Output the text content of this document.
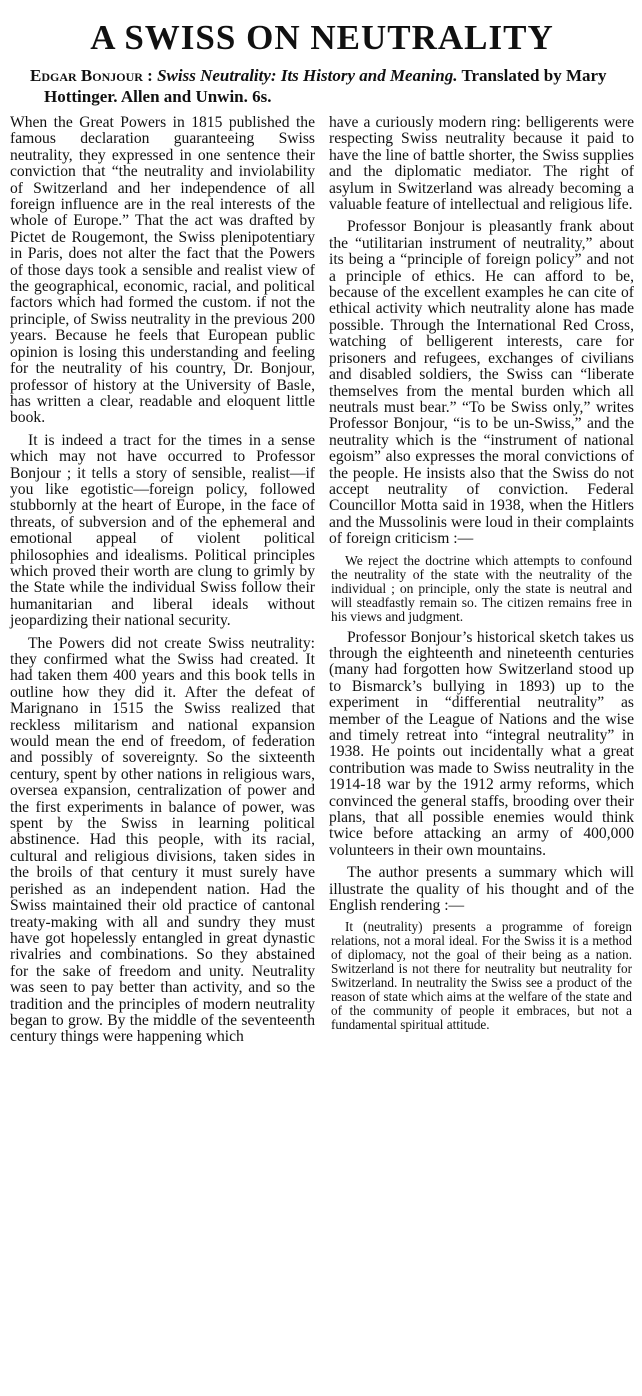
A SWISS ON NEUTRALITY
Edgar Bonjour : Swiss Neutrality: Its History and Meaning. Translated by Mary Hottinger. Allen and Unwin. 6s.

When the Great Powers in 1815 published the famous declaration guaranteeing Swiss neutrality, they expressed in one sentence their conviction that “the neutrality and inviolability of Switzerland and her independence of all foreign influence are in the real interests of the whole of Europe.” That the act was drafted by Pictet de Rougemont, the Swiss plenipotentiary in Paris, does not alter the fact that the Powers of those days took a sensible and realist view of the geographical, economic, racial, and political factors which had formed the custom. if not the principle, of Swiss neutrality in the previous 200 years. Because he feels that European public opinion is losing this understanding and feeling for the neutrality of his country, Dr. Bonjour, professor of history at the University of Basle, has written a clear, readable and eloquent little book.

It is indeed a tract for the times in a sense which may not have occurred to Professor Bonjour ; it tells a story of sensible, realist—if you like egotistic—foreign policy, followed stubbornly at the heart of Europe, in the face of threats, of subversion and of the ephemeral and emotional appeal of violent political philosophies and idealisms. Political principles which proved their worth are clung to grimly by the State while the individual Swiss follow their humanitarian and liberal ideals without jeopardizing their national security.

The Powers did not create Swiss neutrality: they confirmed what the Swiss had created. It had taken them 400 years and this book tells in outline how they did it. After the defeat of Marignano in 1515 the Swiss realized that reckless militarism and national expansion would mean the end of freedom, of federation and possibly of sovereignty. So the sixteenth century, spent by other nations in religious wars, oversea expansion, centralization of power and the first experiments in balance of power, was spent by the Swiss in learning political abstinence. Had this people, with its racial, cultural and religious divisions, taken sides in the broils of that century it must surely have perished as an independent nation. Had the Swiss maintained their old practice of cantonal treaty-making with all and sundry they must have got hopelessly entangled in great dynastic rivalries and combinations. So they abstained for the sake of freedom and unity. Neutrality was seen to pay better than activity, and so the tradition and the principles of modern neutrality began to grow. By the middle of the seventeenth century things were happening which

have a curiously modern ring: belligerents were respecting Swiss neutrality because it paid to have the line of battle shorter, the Swiss supplies and the diplomatic mediator. The right of asylum in Switzerland was already becoming a valuable feature of intellectual and religious life.

Professor Bonjour is pleasantly frank about the “utilitarian instrument of neutrality,” about its being a “principle of foreign policy” and not a principle of ethics. He can afford to be, because of the excellent examples he can cite of ethical activity which neutrality alone has made possible. Through the International Red Cross, watching of belligerent interests, care for prisoners and refugees, exchanges of civilians and disabled soldiers, the Swiss can “liberate themselves from the mental burden which all neutrals must bear.” “To be Swiss only,” writes Professor Bonjour, “is to be un-Swiss,” and the neutrality which is the “instrument of national egoism” also expresses the moral convictions of the people. He insists also that the Swiss do not accept neutrality of conviction. Federal Councillor Motta said in 1938, when the Hitlers and the Mussolinis were loud in their complaints of foreign criticism :—

We reject the doctrine which attempts to confound the neutrality of the state with the neutrality of the individual ; on principle, only the state is neutral and will steadfastly remain so. The citizen remains free in his views and judgment.

Professor Bonjour’s historical sketch takes us through the eighteenth and nineteenth centuries (many had forgotten how Switzerland stood up to Bismarck’s bullying in 1893) up to the experiment in “differential neutrality” as member of the League of Nations and the wise and timely retreat into “integral neutrality” in 1938. He points out incidentally what a great contribution was made to Swiss neutrality in the 1914-18 war by the 1912 army reforms, which convinced the general staffs, brooding over their plans, that all possible enemies would think twice before attacking an army of 400,000 volunteers in their own mountains.

The author presents a summary which will illustrate the quality of his thought and of the English rendering :—

It (neutrality) presents a programme of foreign relations, not a moral ideal. For the Swiss it is a method of diplomacy, not the goal of their being as a nation. Switzerland is not there for neutrality but neutrality for Switzerland. In neutrality the Swiss see a product of the reason of state which aims at the welfare of the state and of the community of people it embraces, but not a fundamental spiritual attitude.
